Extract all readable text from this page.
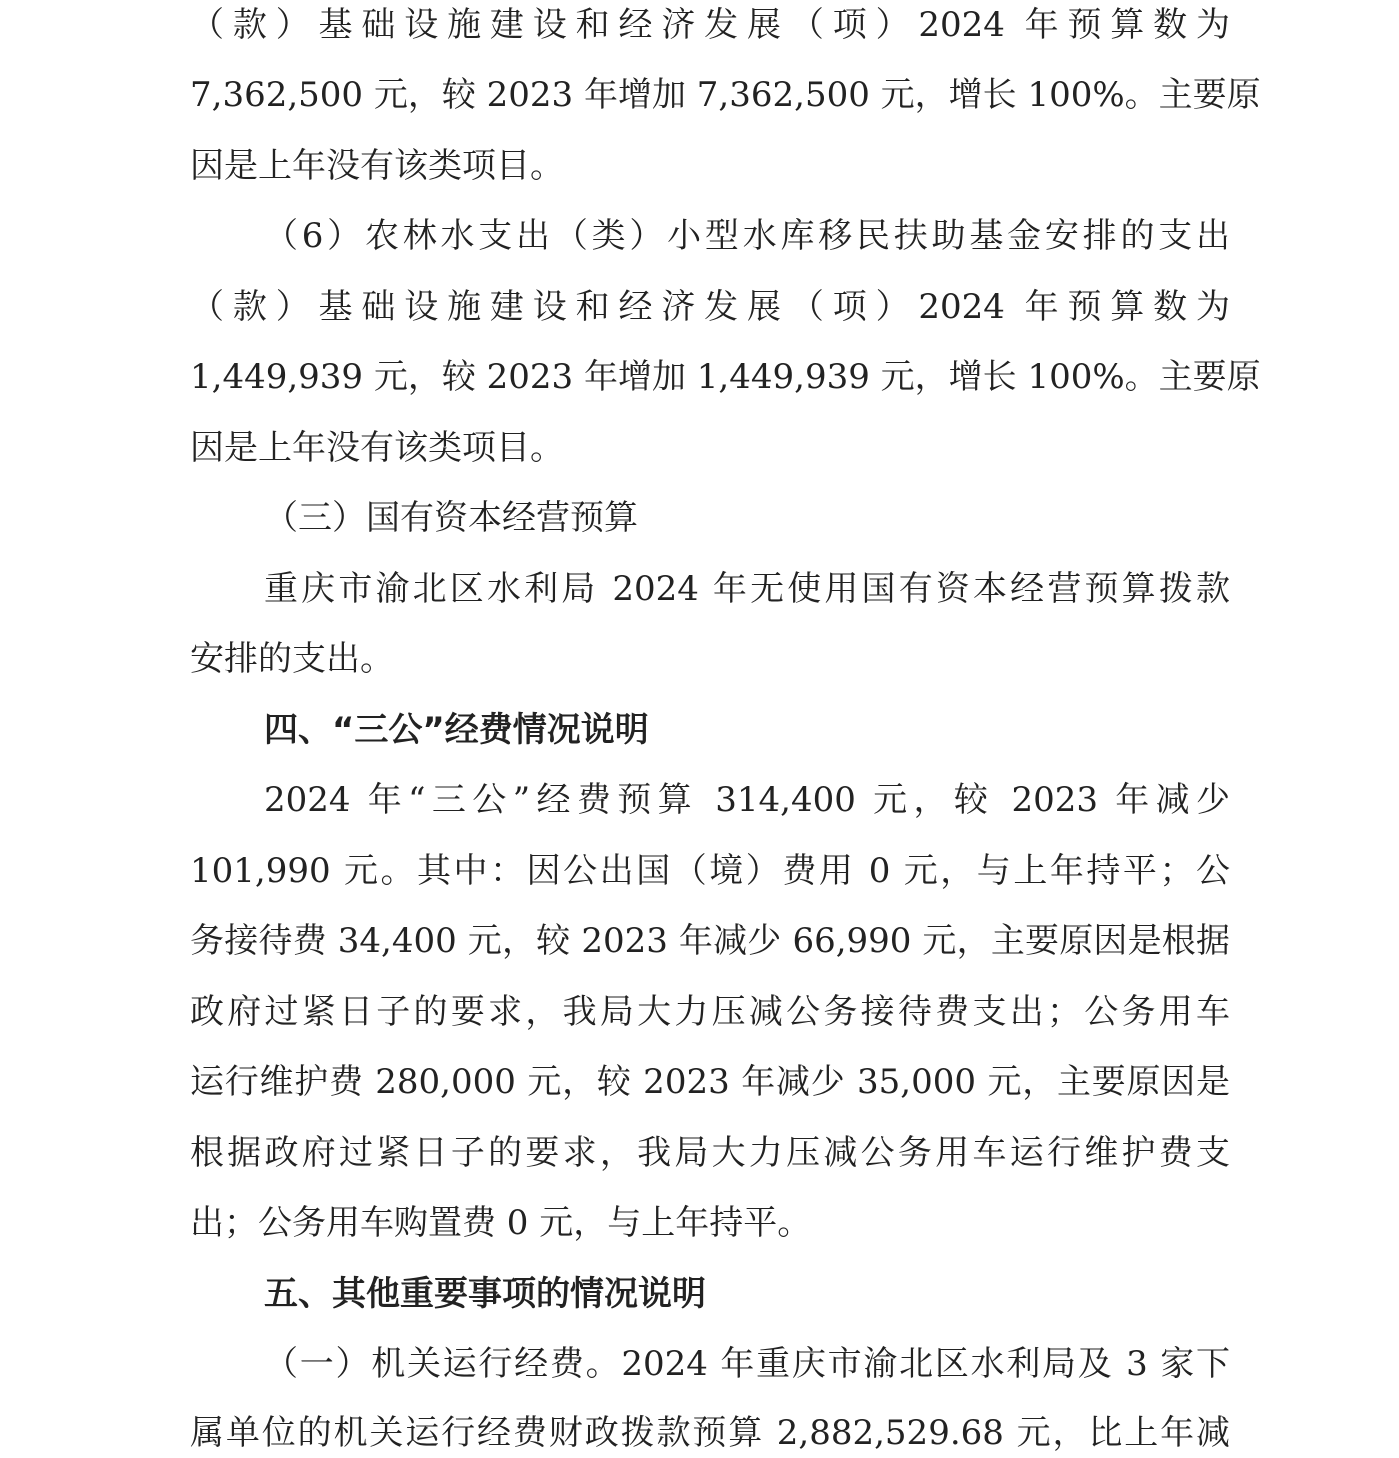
（款）基础设施建设和经济发展（项）2024 年预算数为
7,362,500 元，较 2023 年增加 7,362,500 元，增长 100%。主要原
因是上年没有该类项目。
（6）农林水支出（类）小型水库移民扶助基金安排的支出
（款）基础设施建设和经济发展（项）2024 年预算数为
1,449,939 元，较 2023 年增加 1,449,939 元，增长 100%。主要原
因是上年没有该类项目。
（三）国有资本经营预算
重庆市渝北区水利局 2024 年无使用国有资本经营预算拨款
安排的支出。
四、“三公”经费情况说明
2024 年“三公”经费预算 314,400 元，较 2023 年减少
101,990 元。其中：因公出国（境）费用 0 元，与上年持平；公
务接待费 34,400 元，较 2023 年减少 66,990 元，主要原因是根据
政府过紧日子的要求，我局大力压减公务接待费支出；公务用车
运行维护费 280,000 元，较 2023 年减少 35,000 元，主要原因是
根据政府过紧日子的要求，我局大力压减公务用车运行维护费支
出；公务用车购置费 0 元，与上年持平。
五、其他重要事项的情况说明
（一）机关运行经费。2024 年重庆市渝北区水利局及 3 家下
属单位的机关运行经费财政拨款预算 2,882,529.68 元，比上年减
